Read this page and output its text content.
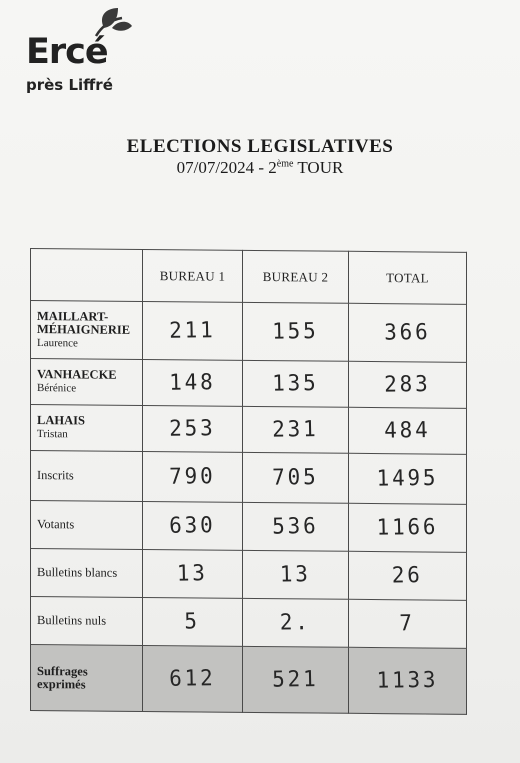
Ercé
près Liffré
ELECTIONS LEGISLATIVES
07/07/2024 - 2ème TOUR
	BUREAU 1	BUREAU 2	TOTAL

MAILLART-MÉHAIGNERIE
Laurence	211	155	366

VANHAECKE
Bérénice	148	135	283

LAHAIS
Tristan	253	231	484
Inscrits	790	705	1495
Votants	630	536	1166
Bulletins blancs	13	13	26
Bulletins nuls	5	2.	7

Suffrages exprimés	612	521	1133
